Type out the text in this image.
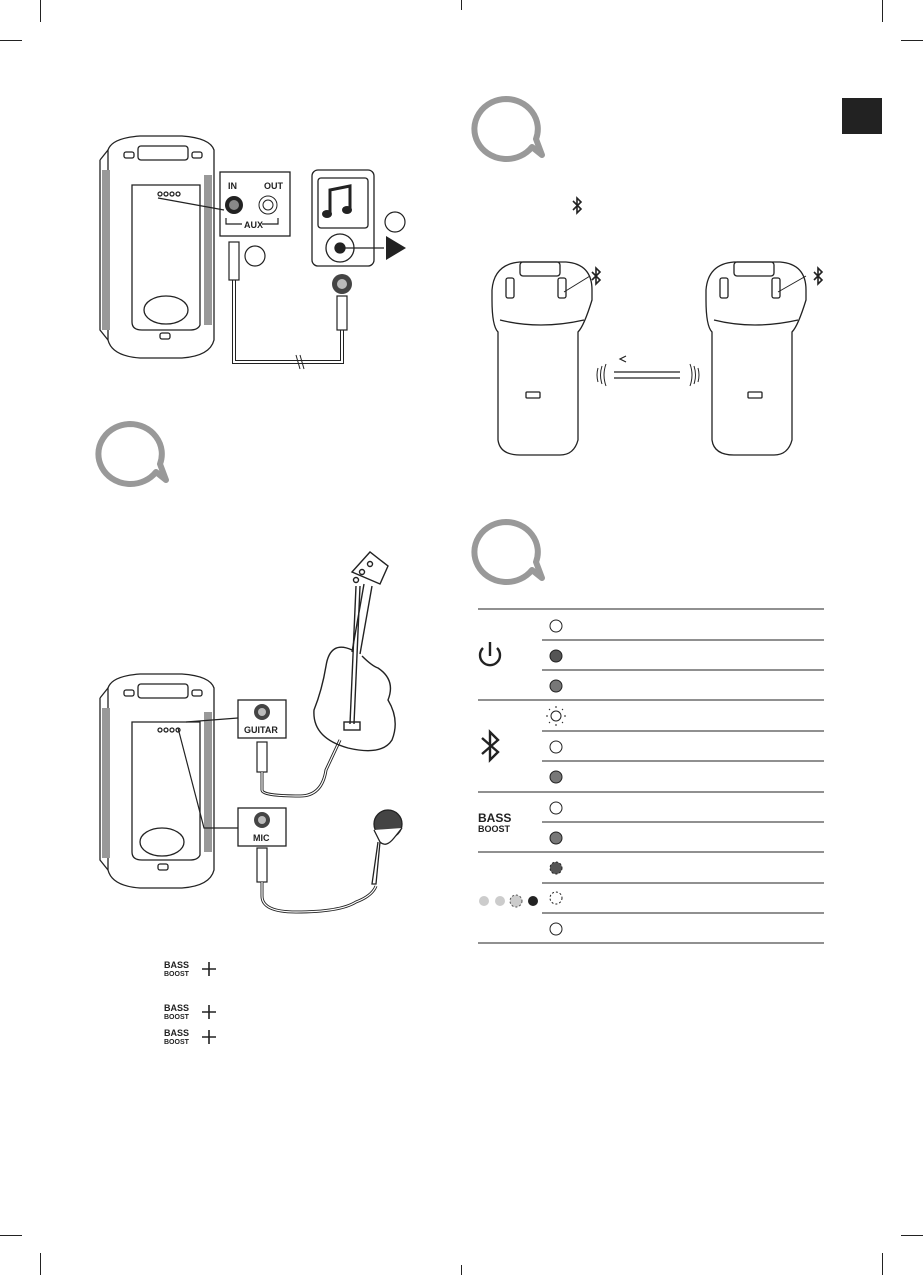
IN	OUT
AUX
GUITAR
MIC
BASS
BOOST
BASS
BOOST
BASS
BOOST
BASS
BOOST
